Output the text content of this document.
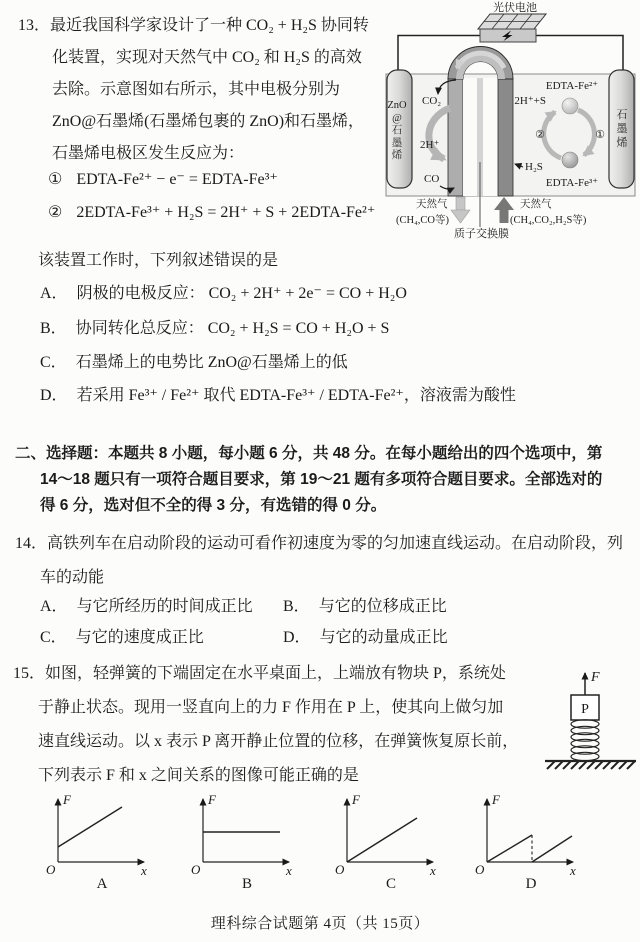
13．最近我国科学家设计了一种 CO₂ + H₂S 协同转
化装置，实现对天然气中 CO₂ 和 H₂S 的高效
去除。示意图如右所示，其中电极分别为
ZnO@石墨烯(石墨烯包裹的 ZnO)和石墨烯，
石墨烯电极区发生反应为：
① EDTA-Fe²⁺ − e⁻ = EDTA-Fe³⁺
② 2EDTA-Fe³⁺ + H₂S = 2H⁺ + S + 2EDTA-Fe²⁺
该装置工作时，下列叙述错误的是
A． 阴极的电极反应： CO₂ + 2H⁺ + 2e⁻ = CO + H₂O
B． 协同转化总反应： CO₂ + H₂S = CO + H₂O + S
C． 石墨烯上的电势比 ZnO@石墨烯上的低
D． 若采用 Fe³⁺ / Fe²⁺ 取代 EDTA-Fe³⁺ / EDTA-Fe²⁺，溶液需为酸性
光伏电池
CO₂
2H⁺
CO
EDTA-Fe²⁺
2H⁺+S
②	①
H₂S
EDTA-Fe³⁺
天然气
(CH₄,CO等)
天然气
(CH₄,CO₂,H₂S等)
质子交换膜
ZnO@石墨烯
石墨烯
二、选择题：本题共 8 小题，每小题 6 分，共 48 分。在每小题给出的四个选项中，第
14～18 题只有一项符合题目要求，第 19～21 题有多项符合题目要求。全部选对的
得 6 分，选对但不全的得 3 分，有选错的得 0 分。
14．高铁列车在启动阶段的运动可看作初速度为零的匀加速直线运动。在启动阶段，列
车的动能
A． 与它所经历的时间成正比 B． 与它的位移成正比
C． 与它的速度成正比	D． 与它的动量成正比
15．如图，轻弹簧的下端固定在水平桌面上，上端放有物块 P，系统处
于静止状态。现用一竖直向上的力 F 作用在 P 上，使其向上做匀加
速直线运动。以 x 表示 P 离开静止位置的位移，在弹簧恢复原长前，
下列表示 F 和 x 之间关系的图像可能正确的是
F
P
F
x
O
A
F
x
O
B
F
x
O
C
F
x
O
D
理科综合试题第 4页（共 15页）
